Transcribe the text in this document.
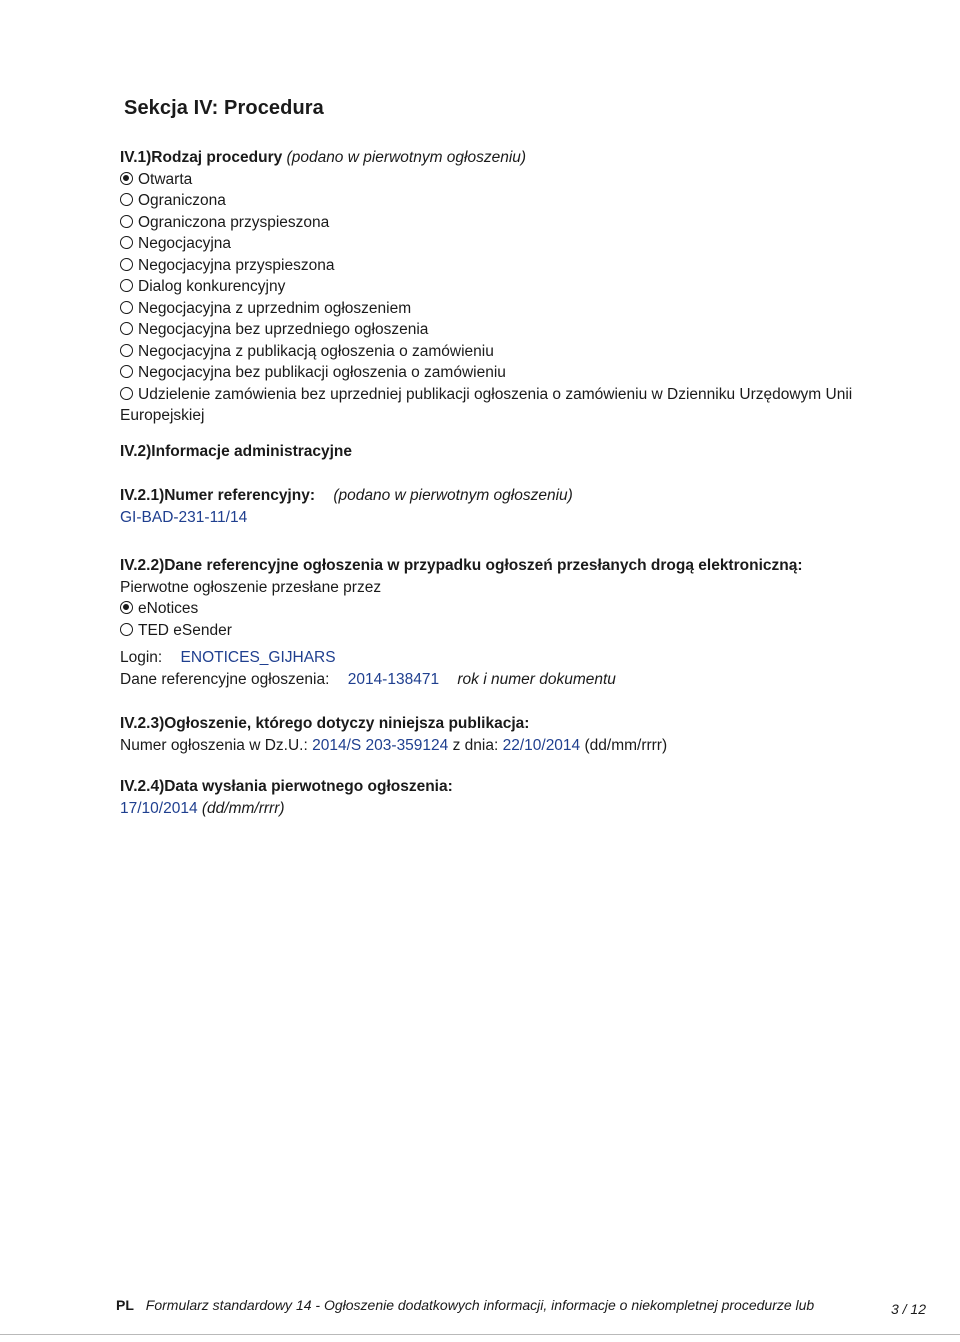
Sekcja IV: Procedura
IV.1)Rodzaj procedury (podano w pierwotnym ogłoszeniu)
Otwarta
Ograniczona
Ograniczona przyspieszona
Negocjacyjna
Negocjacyjna przyspieszona
Dialog konkurencyjny
Negocjacyjna z uprzednim ogłoszeniem
Negocjacyjna bez uprzedniego ogłoszenia
Negocjacyjna z publikacją ogłoszenia o zamówieniu
Negocjacyjna bez publikacji ogłoszenia o zamówieniu
Udzielenie zamówienia bez uprzedniej publikacji ogłoszenia o zamówieniu w Dzienniku Urzędowym Unii Europejskiej
IV.2)Informacje administracyjne
IV.2.1)Numer referencyjny: (podano w pierwotnym ogłoszeniu)
GI-BAD-231-11/14
IV.2.2)Dane referencyjne ogłoszenia w przypadku ogłoszeń przesłanych drogą elektroniczną:
Pierwotne ogłoszenie przesłane przez
eNotices
TED eSender
Login: ENOTICES_GIJHARS
Dane referencyjne ogłoszenia: 2014-138471 rok i numer dokumentu
IV.2.3)Ogłoszenie, którego dotyczy niniejsza publikacja:
Numer ogłoszenia w Dz.U.: 2014/S 203-359124 z dnia: 22/10/2014 (dd/mm/rrrr)
IV.2.4)Data wysłania pierwotnego ogłoszenia:
17/10/2014 (dd/mm/rrrr)
PL Formularz standardowy 14 - Ogłoszenie dodatkowych informacji, informacje o niekompletnej procedurze lub	3 / 12
